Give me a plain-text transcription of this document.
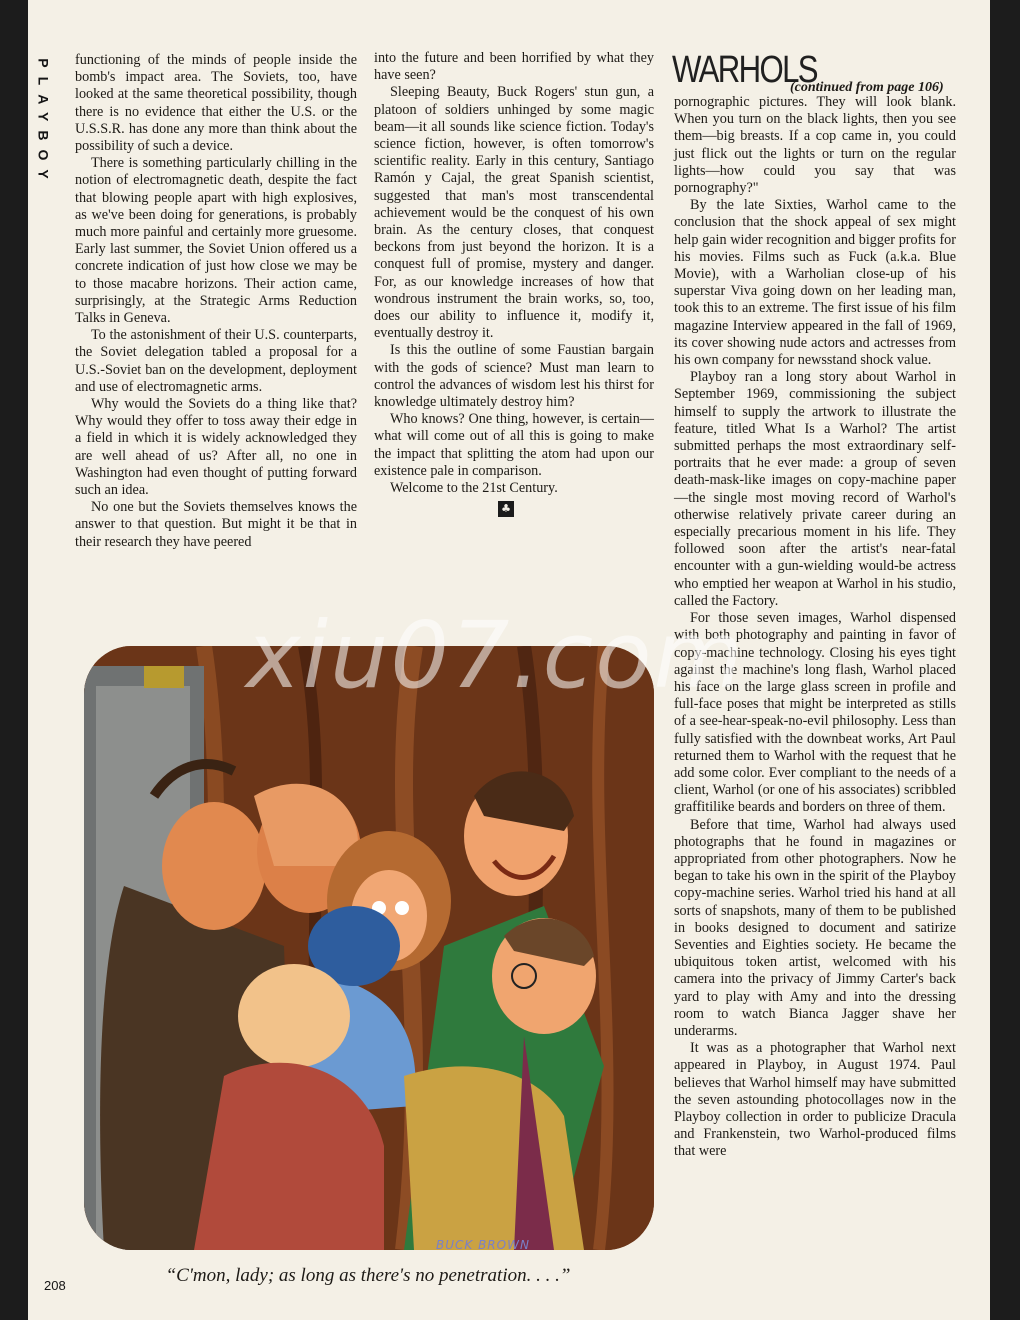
PLAYBOY functioning of the minds of people inside the bomb's impact area. The Soviets, too, have looked at the same theoretical possibility, though there is no evidence that either the U.S. or the U.S.S.R. has done any more than think about the possibility of such a device.

There is something particularly chilling in the notion of electromagnetic death, despite the fact that blowing people apart with high explosives, as we've been doing for generations, is probably much more painful and certainly more gruesome. Early last summer, the Soviet Union offered us a concrete indication of just how close we may be to those macabre horizons. Their action came, surprisingly, at the Strategic Arms Reduction Talks in Geneva.

To the astonishment of their U.S. counterparts, the Soviet delegation tabled a proposal for a U.S.-Soviet ban on the development, deployment and use of electromagnetic arms.

Why would the Soviets do a thing like that? Why would they offer to toss away their edge in a field in which it is widely acknowledged they are well ahead of us? After all, no one in Washington had even thought of putting forward such an idea.

No one but the Soviets themselves knows the answer to that question. But might it be that in their research they have peered

into the future and been horrified by what they have seen?

Sleeping Beauty, Buck Rogers' stun gun, a platoon of soldiers unhinged by some magic beam—it all sounds like science fiction. Today's science fiction, however, is often tomorrow's scientific reality. Early in this century, Santiago Ramón y Cajal, the great Spanish scientist, suggested that man's most transcendental achievement would be the conquest of his own brain. As the century closes, that conquest beckons from just beyond the horizon. It is a conquest full of promise, mystery and danger. For, as our knowledge increases of how that wondrous instrument the brain works, so, too, does our ability to influence it, modify it, eventually destroy it.

Is this the outline of some Faustian bargain with the gods of science? Must man learn to control the advances of wisdom lest his thirst for knowledge ultimately destroy him?

Who knows? One thing, however, is certain—what will come out of all this is going to make the impact that splitting the atom had upon our existence pale in comparison.

Welcome to the 21st Century.

♣
WARHOLS
(continued from page 106)

pornographic pictures. They will look blank. When you turn on the black lights, then you see them—big breasts. If a cop came in, you could just flick out the lights or turn on the regular lights—how could you say that was pornography?"

By the late Sixties, Warhol came to the conclusion that the shock appeal of sex might help gain wider recognition and bigger profits for his movies. Films such as Fuck (a.k.a. Blue Movie), with a Warholian close-up of his superstar Viva going down on her leading man, took this to an extreme. The first issue of his film magazine Interview appeared in the fall of 1969, its cover showing nude actors and actresses from his own company for newsstand shock value.

Playboy ran a long story about Warhol in September 1969, commissioning the subject himself to supply the artwork to illustrate the feature, titled What Is a Warhol? The artist submitted perhaps the most extraordinary self-portraits that he ever made: a group of seven death-mask-like images on copy-machine paper—the single most moving record of Warhol's otherwise relatively private career during an especially precarious moment in his life. They followed soon after the artist's near-fatal encounter with a gun-wielding would-be actress who emptied her weapon at Warhol in his studio, called the Factory.

For those seven images, Warhol dispensed with both photography and painting in favor of copy-machine technology. Closing his eyes tight against the machine's long flash, Warhol placed his face on the large glass screen in profile and full-face poses that might be interpreted as stills of a see-hear-speak-no-evil philosophy. Less than fully satisfied with the downbeat works, Art Paul returned them to Warhol with the request that he add some color. Ever compliant to the needs of a client, Warhol (or one of his associates) scribbled graffitilike beards and borders on three of them.

Before that time, Warhol had always used photographs that he found in magazines or appropriated from other photographers. Now he began to take his own in the spirit of the Playboy copy-machine series. Warhol tried his hand at all sorts of snapshots, many of them to be published in books designed to document and satirize Seventies and Eighties society. He became the ubiquitous token artist, welcomed with his camera into the privacy of Jimmy Carter's back yard to play with Amy and into the dressing room to watch Bianca Jagger shave her underarms.

It was as a photographer that Warhol next appeared in Playboy, in August 1974. Paul believes that Warhol himself may have submitted the seven astounding photocollages now in the Playboy collection in order to publicize Dracula and Frankenstein, two Warhol-produced films that were

BUCK BROWN
“C'mon, lady; as long as there's no penetration. . . .”
208
xiu07.com
